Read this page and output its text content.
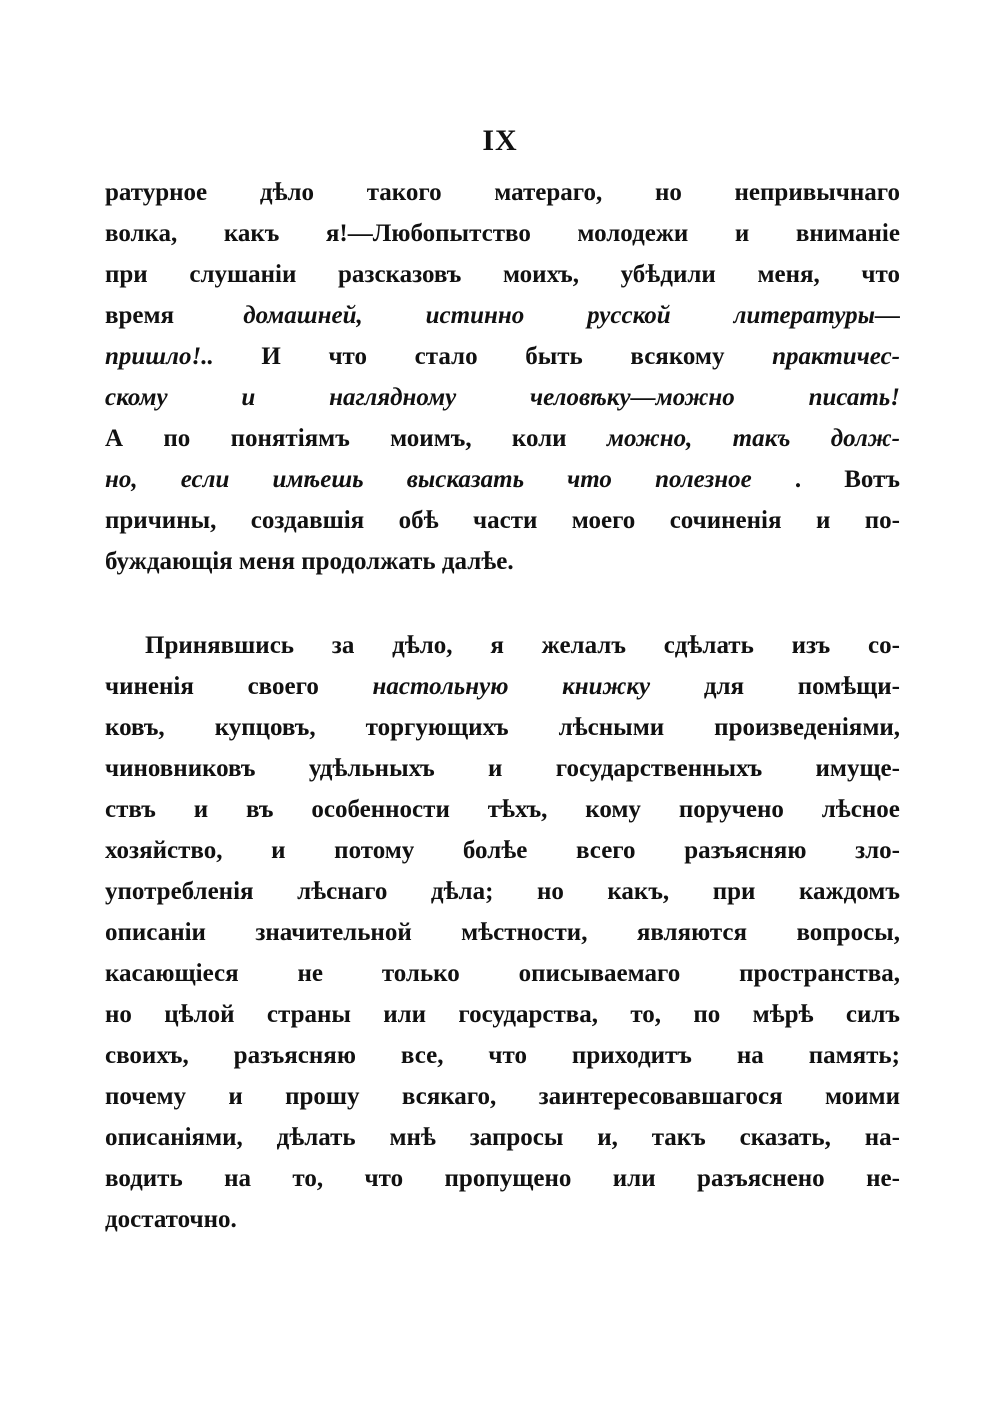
IX
ратурное дѣло такого матераго, но непривычнаго
волка, какъ я!—Любопытство молодежи и вниманіе
при слушаніи разсказовъ моихъ, убѣдили меня, что
время	домашней,	истинно	русской	литературы—
пришло!.. И что стало быть всякому практичес-
скому	и	наглядному	человѣку—можно	писать!
А по понятіямъ моимъ, коли можно, такъ долж-
но, если имѣешь высказать что полезное . Вотъ
причины, создавшія обѣ части моего сочиненія и по-
буждающія меня продолжать далѣе.
Принявшись за дѣло, я желалъ сдѣлать изъ со-
чиненія своего настольную книжку для помѣщи-
ковъ, купцовъ, торгующихъ лѣсными произведеніями,
чиновниковъ удѣльныхъ и государственныхъ имуще-
ствъ и въ особенности тѣхъ, кому поручено лѣсное
хозяйство, и потому болѣе всего разъясняю зло-
употребленія лѣснаго дѣла; но какъ, при каждомъ
описаніи значительной мѣстности, являются вопросы,
касающіеся не только описываемаго пространства,
но цѣлой страны или государства, то, по мѣрѣ силъ
своихъ, разъясняю все, что приходитъ на память;
почему и прошу всякаго, заинтересовавшагося моими
описаніями, дѣлать мнѣ запросы и, такъ сказать, на-
водить на то, что пропущено или разъяснено не-
достаточно.
